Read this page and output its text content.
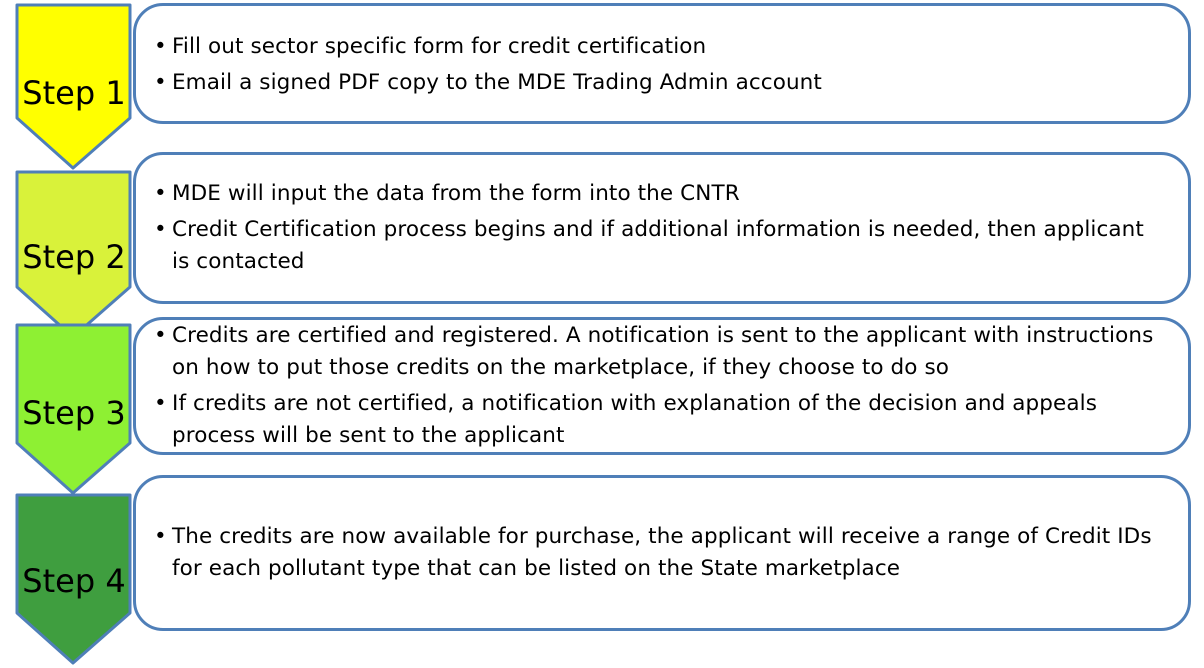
Step 1
Step 2
Step 3
Step 4
• Fill out sector specific form for credit certification
• Email a signed PDF copy to the MDE Trading Admin account
• MDE will input the data from the form into the CNTR
• Credit Certification process begins and if additional information is needed, then applicant is contacted
• Credits are certified and registered. A notification is sent to the applicant with instructions on how to put those credits on the marketplace, if they choose to do so
• If credits are not certified, a notification with explanation of the decision and appeals process will be sent to the applicant
• The credits are now available for purchase, the applicant will receive a range of Credit IDs for each pollutant type that can be listed on the State marketplace
